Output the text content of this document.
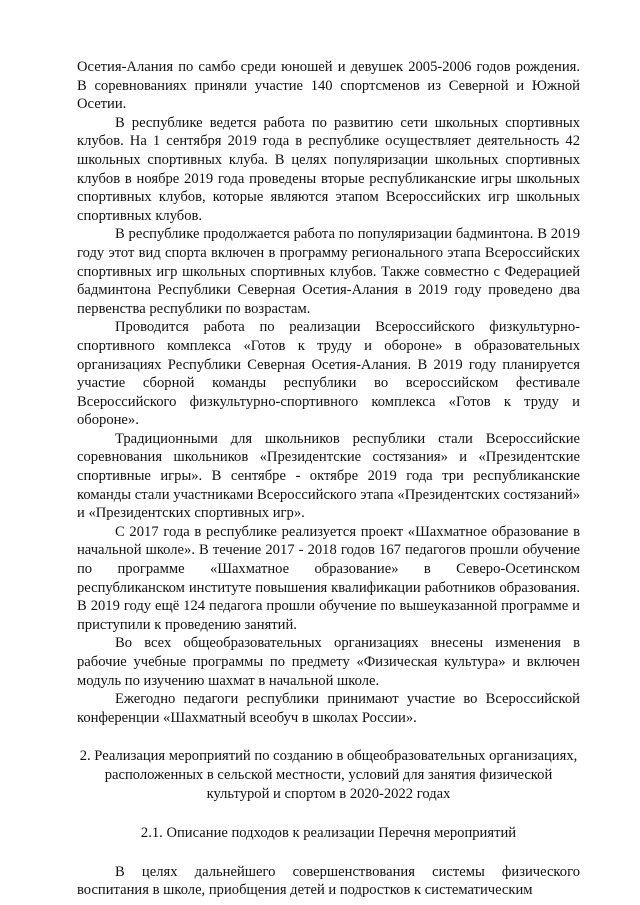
Осетия-Алания по самбо среди юношей и девушек 2005-2006 годов рождения. В соревнованиях приняли участие 140 спортсменов из Северной и Южной Осетии.

В республике ведется работа по развитию сети школьных спортивных клубов. На 1 сентября 2019 года в республике осуществляет деятельность 42 школьных спортивных клуба. В целях популяризации школьных спортивных клубов в ноябре 2019 года проведены вторые республиканские игры школьных спортивных клубов, которые являются этапом Всероссийских игр школьных спортивных клубов.

В республике продолжается работа по популяризации бадминтона. В 2019 году этот вид спорта включен в программу регионального этапа Всероссийских спортивных игр школьных спортивных клубов. Также совместно с Федерацией бадминтона Республики Северная Осетия-Алания в 2019 году проведено два первенства республики по возрастам.

Проводится работа по реализации Всероссийского физкультурно-спортивного комплекса «Готов к труду и обороне» в образовательных организациях Республики Северная Осетия-Алания. В 2019 году планируется участие сборной команды республики во всероссийском фестивале Всероссийского физкультурно-спортивного комплекса «Готов к труду и обороне».

Традиционными для школьников республики стали Всероссийские соревнования школьников «Президентские состязания» и «Президентские спортивные игры». В сентябре - октябре 2019 года три республиканские команды стали участниками Всероссийского этапа «Президентских состязаний» и «Президентских спортивных игр».

С 2017 года в республике реализуется проект «Шахматное образование в начальной школе». В течение 2017 - 2018 годов 167 педагогов прошли обучение по программе «Шахматное образование» в Северо-Осетинском республиканском институте повышения квалификации работников образования. В 2019 году ещё 124 педагога прошли обучение по вышеуказанной программе и приступили к проведению занятий.

Во всех общеобразовательных организациях внесены изменения в рабочие учебные программы по предмету «Физическая культура» и включен модуль по изучению шахмат в начальной школе.

Ежегодно педагоги республики принимают участие во Всероссийской конференции «Шахматный всеобуч в школах России».

2. Реализация мероприятий по созданию в общеобразовательных организациях, расположенных в сельской местности, условий для занятия физической культурой и спортом в 2020-2022 годах

2.1. Описание подходов к реализации Перечня мероприятий

В целях дальнейшего совершенствования системы физического воспитания в школе, приобщения детей и подростков к систематическим
